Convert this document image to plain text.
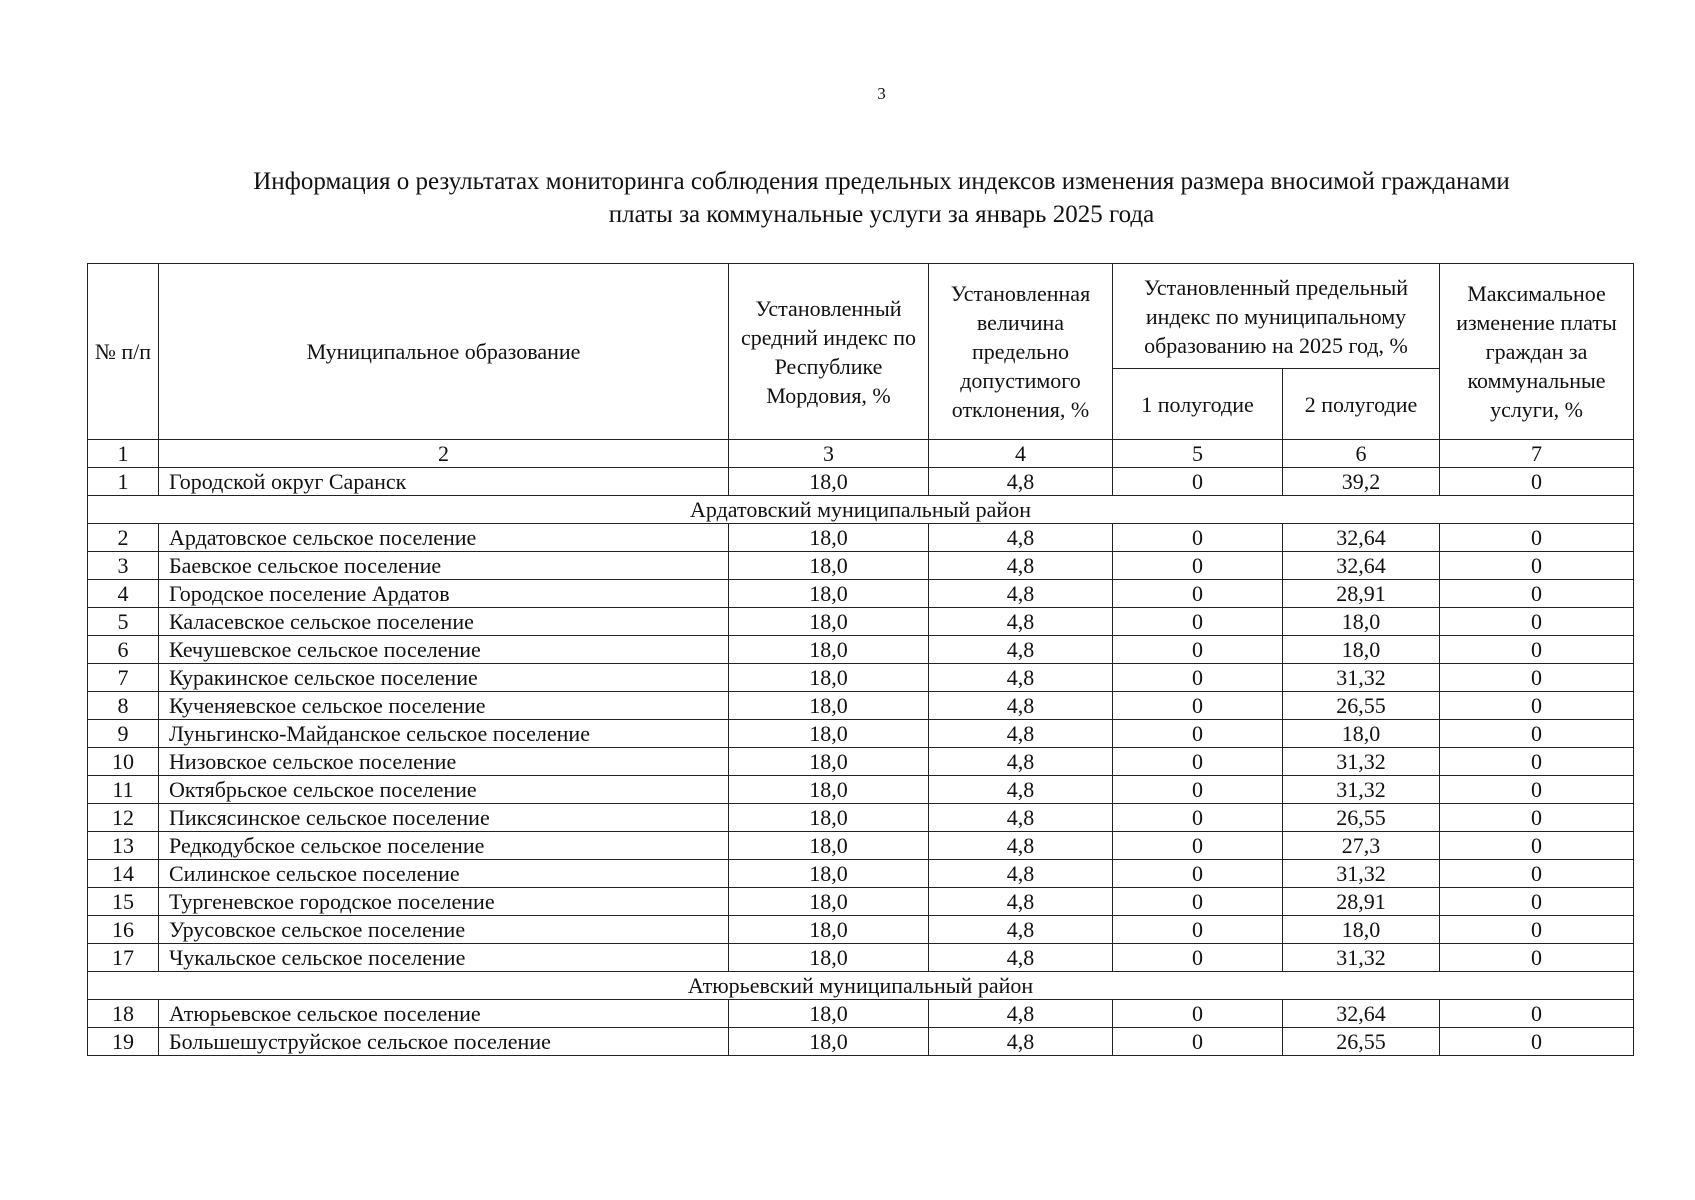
3
Информация о результатах мониторинга соблюдения предельных индексов изменения размера вносимой гражданами
платы за коммунальные услуги за январь 2025 года
№ п/п	Муниципальное образование	Установленный средний индекс по Республике Мордовия, %	Установленная величина предельно допустимого отклонения, %	Установленный предельный индекс по муниципальному образованию на 2025 год, %		Максимальное изменение платы граждан за коммунальные услуги, %
				1 полугодие	2 полугодие	
1	2	3	4	5	6	7
1	Городской округ Саранск	18,0	4,8	0	39,2	0
Ардатовский муниципальный район						
2	Ардатовское сельское поселение	18,0	4,8	0	32,64	0
3	Баевское сельское поселение	18,0	4,8	0	32,64	0
4	Городское поселение Ардатов	18,0	4,8	0	28,91	0
5	Каласевское сельское поселение	18,0	4,8	0	18,0	0
6	Кечушевское сельское поселение	18,0	4,8	0	18,0	0
7	Куракинское сельское поселение	18,0	4,8	0	31,32	0
8	Кученяевское сельское поселение	18,0	4,8	0	26,55	0
9	Луньгинско-Майданское сельское поселение	18,0	4,8	0	18,0	0
10	Низовское сельское поселение	18,0	4,8	0	31,32	0
11	Октябрьское сельское поселение	18,0	4,8	0	31,32	0
12	Пиксясинское сельское поселение	18,0	4,8	0	26,55	0
13	Редкодубское сельское поселение	18,0	4,8	0	27,3	0
14	Силинское сельское поселение	18,0	4,8	0	31,32	0
15	Тургеневское городское поселение	18,0	4,8	0	28,91	0
16	Урусовское сельское поселение	18,0	4,8	0	18,0	0
17	Чукальское сельское поселение	18,0	4,8	0	31,32	0
Атюрьевский муниципальный район						
18	Атюрьевское сельское поселение	18,0	4,8	0	32,64	0
19	Большешуструйское сельское поселение	18,0	4,8	0	26,55	0
